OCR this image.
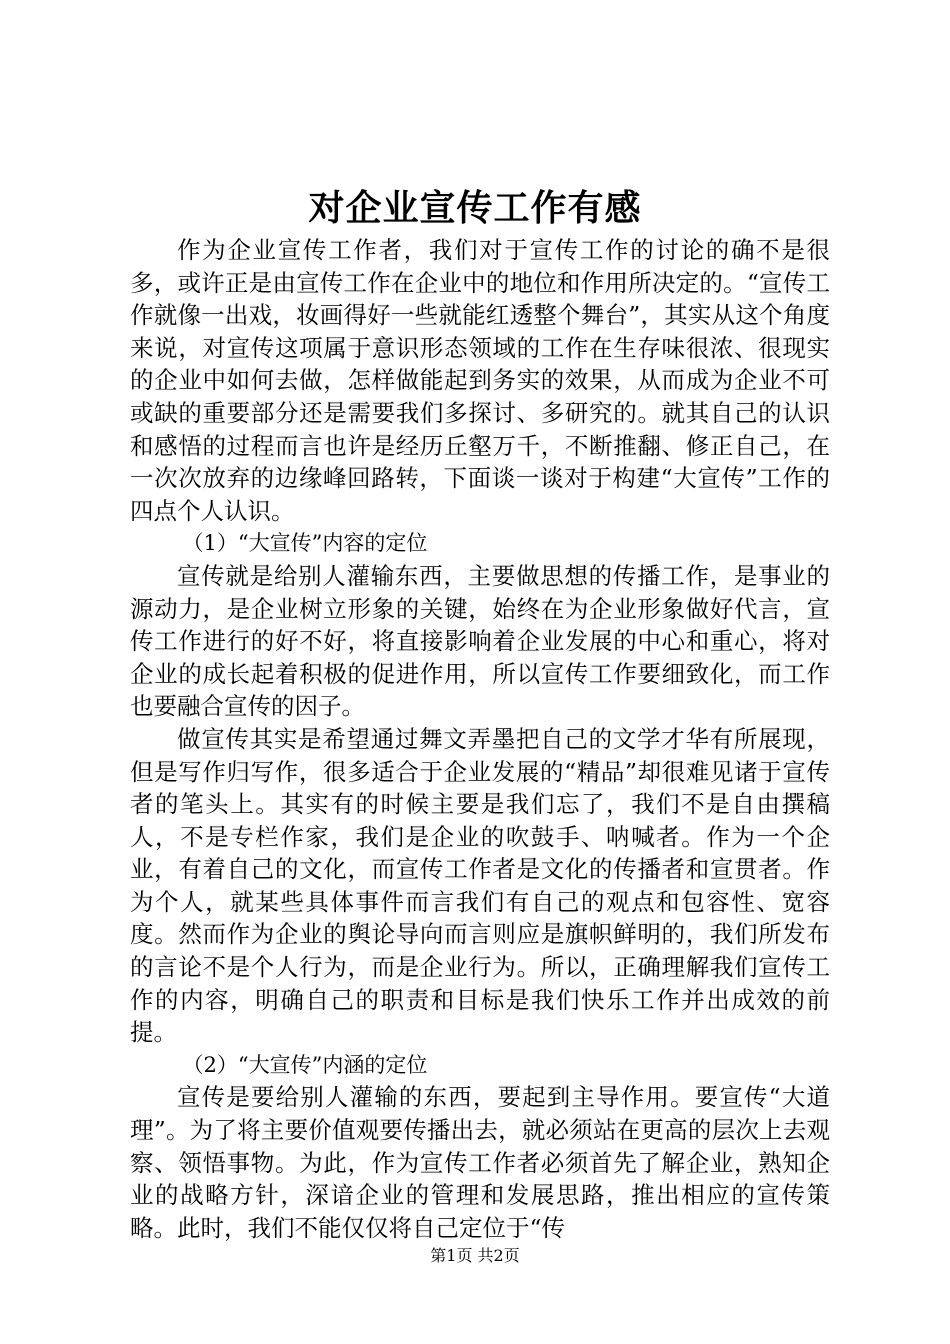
对企业宣传工作有感

作为企业宣传工作者，我们对于宣传工作的讨论的确不是很多，或许正是由宣传工作在企业中的地位和作用所决定的。“宣传工作就像一出戏，妆画得好一些就能红透整个舞台”，其实从这个角度来说，对宣传这项属于意识形态领域的工作在生存味很浓、很现实的企业中如何去做，怎样做能起到务实的效果，从而成为企业不可或缺的重要部分还是需要我们多探讨、多研究的。就其自己的认识和感悟的过程而言也许是经历丘壑万千，不断推翻、修正自己，在一次次放弃的边缘峰回路转，下面谈一谈对于构建“大宣传”工作的四点个人认识。

（1）“大宣传”内容的定位

宣传就是给别人灌输东西，主要做思想的传播工作，是事业的源动力，是企业树立形象的关键，始终在为企业形象做好代言，宣传工作进行的好不好，将直接影响着企业发展的中心和重心，将对企业的成长起着积极的促进作用，所以宣传工作要细致化，而工作也要融合宣传的因子。

做宣传其实是希望通过舞文弄墨把自己的文学才华有所展现，但是写作归写作，很多适合于企业发展的“精品”却很难见诸于宣传者的笔头上。其实有的时候主要是我们忘了，我们不是自由撰稿人，不是专栏作家，我们是企业的吹鼓手、呐喊者。作为一个企业，有着自己的文化，而宣传工作者是文化的传播者和宣贯者。作为个人，就某些具体事件而言我们有自己的观点和包容性、宽容度。然而作为企业的舆论导向而言则应是旗帜鲜明的，我们所发布的言论不是个人行为，而是企业行为。所以，正确理解我们宣传工作的内容，明确自己的职责和目标是我们快乐工作并出成效的前提。

（2）“大宣传”内涵的定位

宣传是要给别人灌输的东西，要起到主导作用。要宣传“大道理”。为了将主要价值观要传播出去，就必须站在更高的层次上去观察、领悟事物。为此，作为宣传工作者必须首先了解企业，熟知企业的战略方针，深谙企业的管理和发展思路，推出相应的宣传策略。此时，我们不能仅仅将自己定位于“传

第1页 共2页
